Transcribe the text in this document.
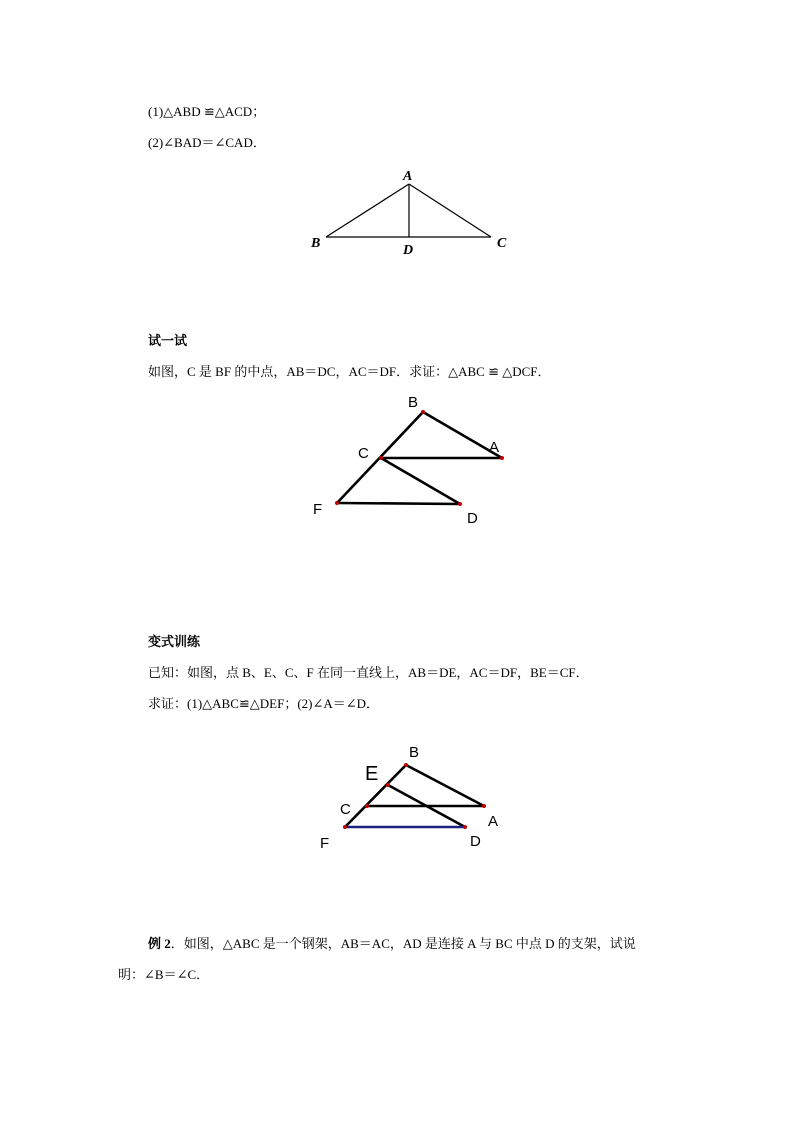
(1)△ABD ≌△ACD；
(2)∠BAD＝∠CAD．
A
B	C
D
试一试
如图，C 是 BF 的中点，AB＝DC，AC＝DF．求证：△ABC ≌ △DCF．
B
A
C
F
D
变式训练
已知：如图，点 B、E、C、F 在同一直线上，AB＝DE，AC＝DF，BE＝CF．
求证：(1)△ABC≌△DEF；(2)∠A＝∠D．
B
E
C
A
F	D
例 2．如图，△ABC 是一个钢架，AB＝AC，AD 是连接 A 与 BC 中点 D 的支架，试说
明：∠B＝∠C．
